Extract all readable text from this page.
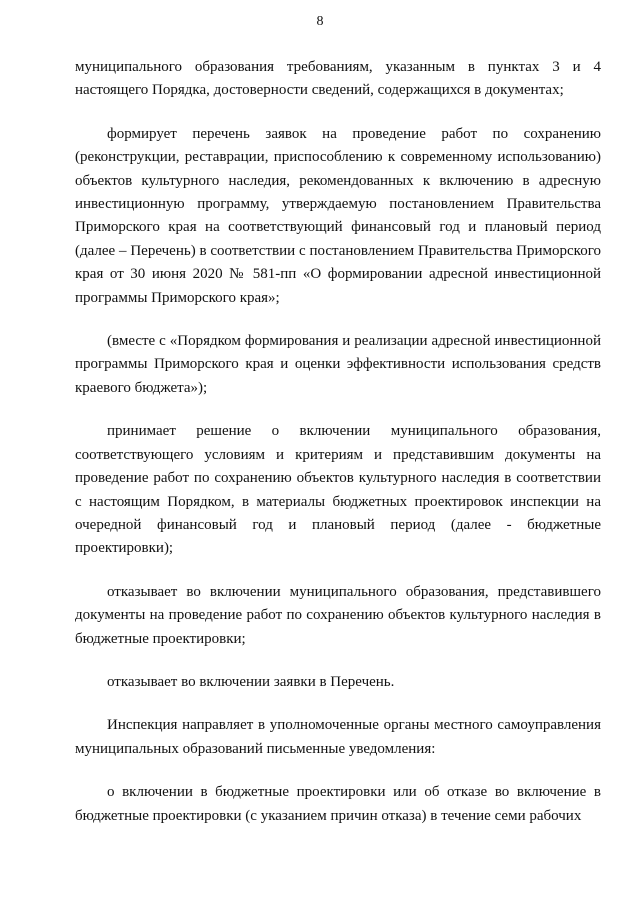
8

муниципального образования требованиям, указанным в пунктах 3 и 4 настоящего Порядка, достоверности сведений, содержащихся в документах;

формирует перечень заявок на проведение работ по сохранению (реконструкции, реставрации, приспособлению к современному использованию) объектов культурного наследия, рекомендованных к включению в адресную инвестиционную программу, утверждаемую постановлением Правительства Приморского края на соответствующий финансовый год и плановый период (далее – Перечень) в соответствии с постановлением Правительства Приморского края от 30 июня 2020 № 581-пп «О формировании адресной инвестиционной программы Приморского края»;

(вместе с «Порядком формирования и реализации адресной инвестиционной программы Приморского края и оценки эффективности использования средств краевого бюджета»);

принимает решение о включении муниципального образования, соответствующего условиям и критериям и представившим документы на проведение работ по сохранению объектов культурного наследия в соответствии с настоящим Порядком, в материалы бюджетных проектировок инспекции на очередной финансовый год и плановый период (далее - бюджетные проектировки);

отказывает во включении муниципального образования, представившего документы на проведение работ по сохранению объектов культурного наследия в бюджетные проектировки;

отказывает во включении заявки в Перечень.

Инспекция направляет в уполномоченные органы местного самоуправления муниципальных образований письменные уведомления:

о включении в бюджетные проектировки или об отказе во включение в бюджетные проектировки (с указанием причин отказа) в течение семи рабочих
